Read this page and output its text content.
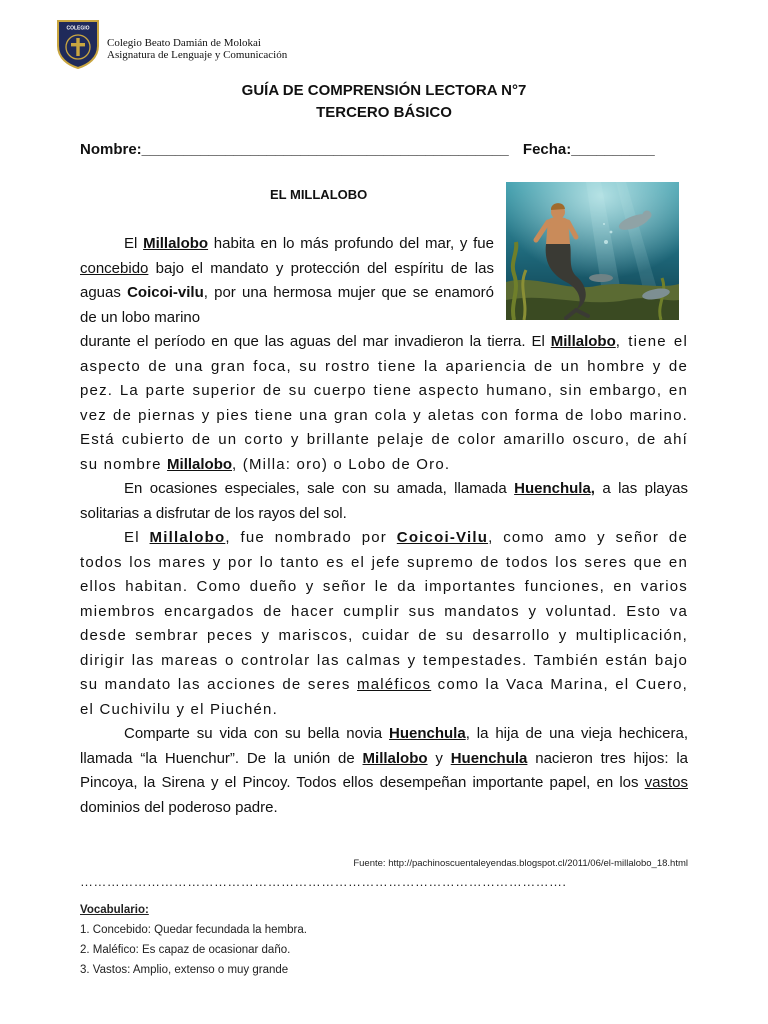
COLEGIO
Colegio Beato Damián de Molokai
Asignatura de Lenguaje y Comunicación
GUÍA DE COMPRENSIÓN LECTORA N°7
TERCERO BÁSICO
Nombre:____________________________________________ Fecha:__________
EL MILLALOBO

El Millalobo habita en lo más profundo del mar, y fue concebido bajo el mandato y protección del espíritu de las aguas Coicoi-vilu, por una hermosa mujer que se enamoró de un lobo marino

durante el período en que las aguas del mar invadieron la tierra. El Millalobo, tiene el aspecto de una gran foca, su rostro tiene la apariencia de un hombre y de pez. La parte superior de su cuerpo tiene aspecto humano, sin embargo, en vez de piernas y pies tiene una gran cola y aletas con forma de lobo marino. Está cubierto de un corto y brillante pelaje de color amarillo oscuro, de ahí su nombre Millalobo, (Milla: oro) o Lobo de Oro.

En ocasiones especiales, sale con su amada, llamada Huenchula, a las playas solitarias a disfrutar de los rayos del sol.

El Millalobo, fue nombrado por Coicoi-Vilu, como amo y señor de todos los mares y por lo tanto es el jefe supremo de todos los seres que en ellos habitan. Como dueño y señor le da importantes funciones, en varios miembros encargados de hacer cumplir sus mandatos y voluntad. Esto va desde sembrar peces y mariscos, cuidar de su desarrollo y multiplicación, dirigir las mareas o controlar las calmas y tempestades. También están bajo su mandato las acciones de seres maléficos como la Vaca Marina, el Cuero, el Cuchivilu y el Piuchén.

Comparte su vida con su bella novia Huenchula, la hija de una vieja hechicera, llamada “la Huenchur”. De la unión de Millalobo y Huenchula nacieron tres hijos: la Pincoya, la Sirena y el Pincoy. Todos ellos desempeñan importante papel, en los vastos dominios del poderoso padre.

Fuente: http://pachinoscuentaleyendas.blogspot.cl/2011/06/el-millalobo_18.html
……………………………………………………………………………………………….
Vocabulario:
1. Concebido: Quedar fecundada la hembra.
2. Maléfico: Es capaz de ocasionar daño.
3. Vastos: Amplio, extenso o muy grande
